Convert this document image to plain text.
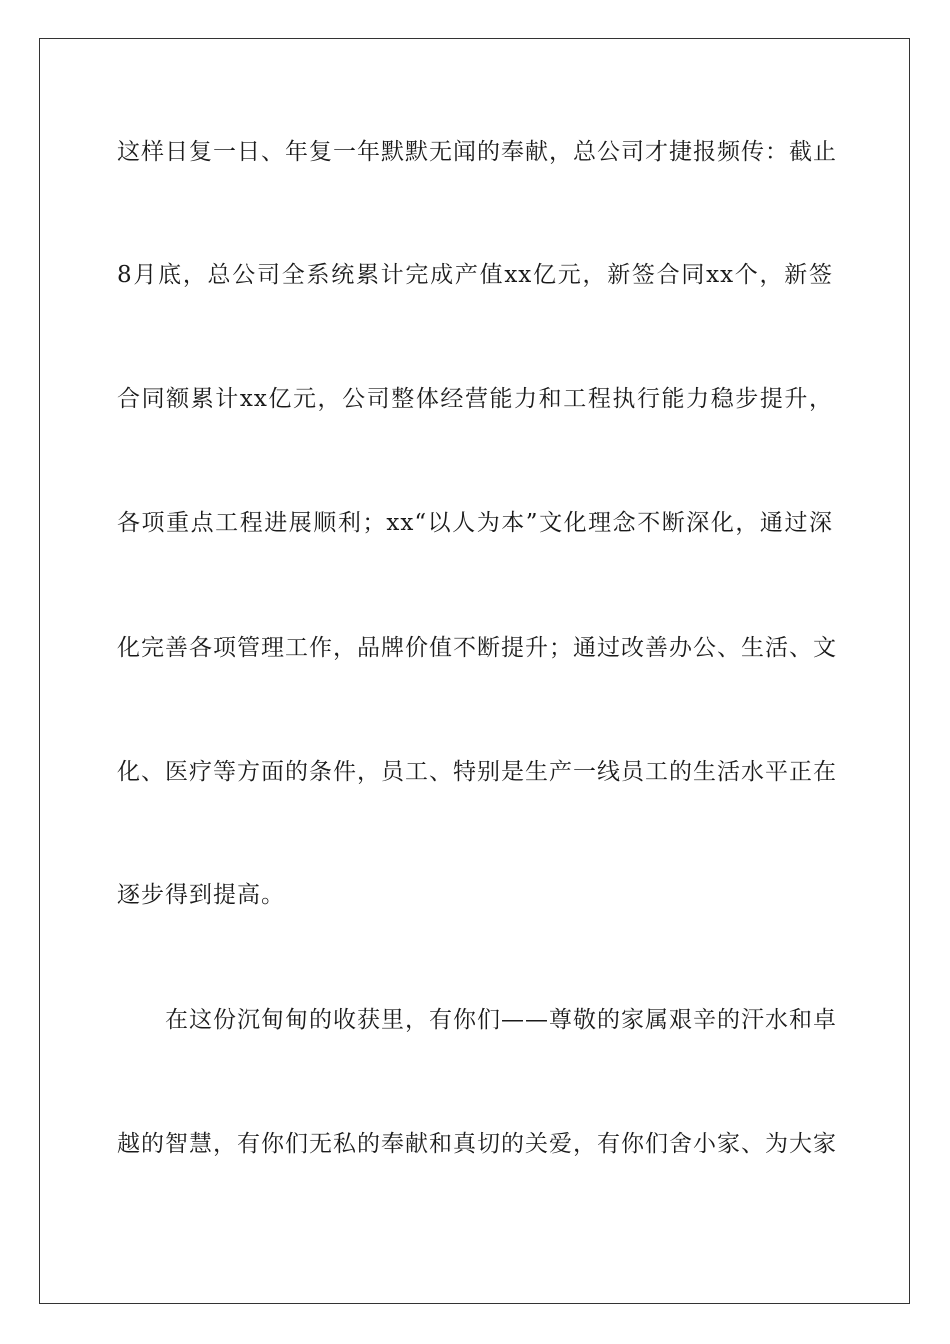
这样日复一日、年复一年默默无闻的奉献，总公司才捷报频传：截止

8月底，总公司全系统累计完成产值xx亿元，新签合同xx个，新签

合同额累计xx亿元，公司整体经营能力和工程执行能力稳步提升，

各项重点工程进展顺利；xx“以人为本”文化理念不断深化，通过深

化完善各项管理工作，品牌价值不断提升；通过改善办公、生活、文

化、医疗等方面的条件，员工、特别是生产一线员工的生活水平正在

逐步得到提高。

在这份沉甸甸的收获里，有你们——尊敬的家属艰辛的汗水和卓

越的智慧，有你们无私的奉献和真切的关爱，有你们舍小家、为大家
